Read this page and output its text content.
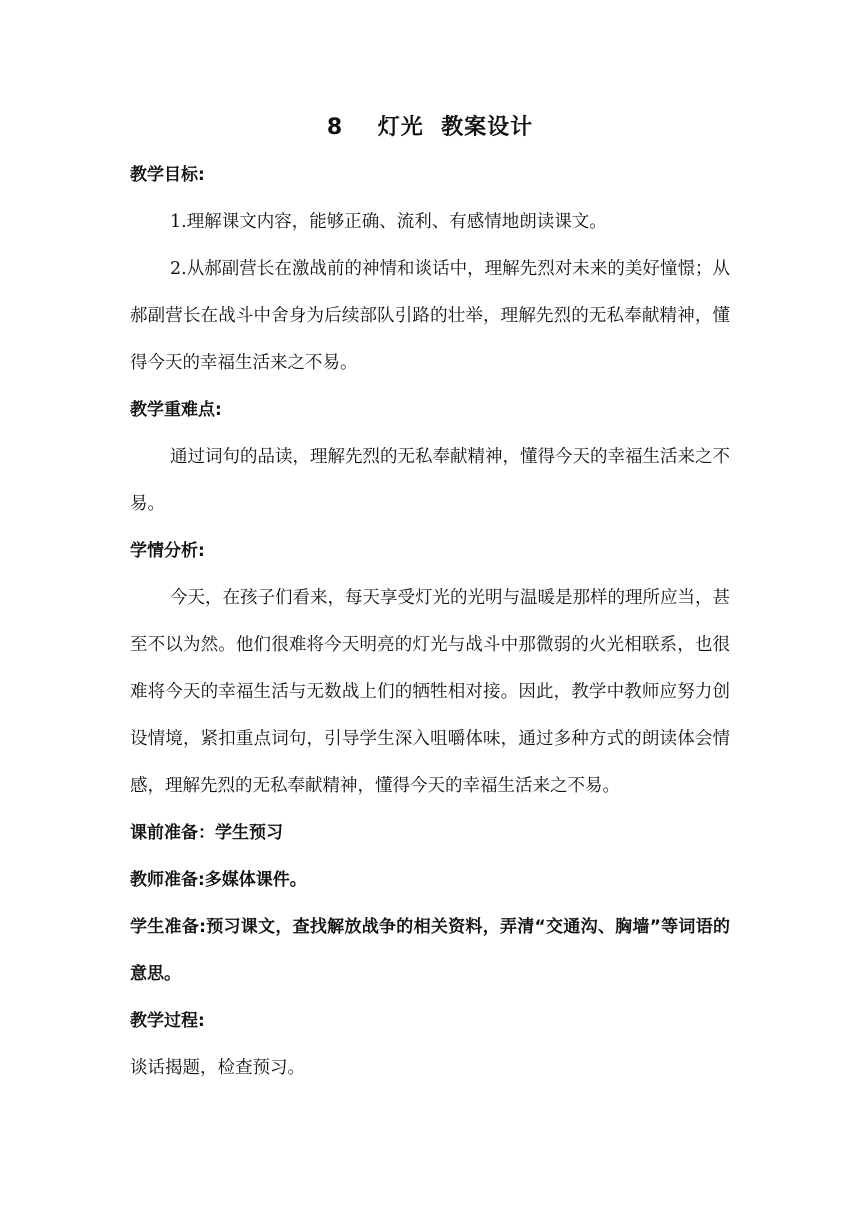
8    灯光  教案设计

教学目标:

1.理解课文内容，能够正确、流利、有感情地朗读课文。

2.从郝副营长在激战前的神情和谈话中，理解先烈对未来的美好憧憬；从郝副营长在战斗中舍身为后续部队引路的壮举，理解先烈的无私奉献精神，懂得今天的幸福生活来之不易。

教学重难点:

通过词句的品读，理解先烈的无私奉献精神，懂得今天的幸福生活来之不易。

学情分析:

今天，在孩子们看来，每天享受灯光的光明与温暖是那样的理所应当，甚至不以为然。他们很难将今天明亮的灯光与战斗中那微弱的火光相联系，也很难将今天的幸福生活与无数战上们的牺牲相对接。因此，教学中教师应努力创设情境，紧扣重点词句，引导学生深入咀嚼体味，通过多种方式的朗读体会情感，理解先烈的无私奉献精神，懂得今天的幸福生活来之不易。

课前准备：学生预习

教师准备:多媒体课件。

学生准备:预习课文，查找解放战争的相关资料，弄清“交通沟、胸墙”等词语的意思。

教学过程:

谈话揭题，检查预习。
